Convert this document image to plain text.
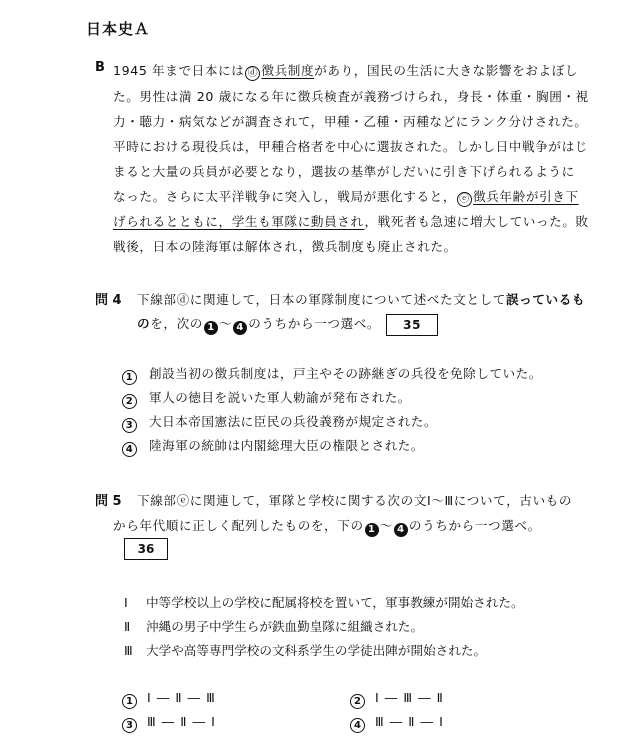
日本史Ａ
B 1945 年まで日本には ⓓ 徴兵制度があり，国民の生活に大きな影響をおよぼし
た。男性は満 20 歳になる年に徴兵検査が義務づけられ，身長・体重・胸囲・視
力・聴力・病気などが調査されて，甲種・乙種・丙種などにランク分けされた。
平時における現役兵は，甲種合格者を中心に選抜された。しかし日中戦争がはじ
まると大量の兵員が必要となり，選抜の基準がしだいに引き下げられるように
なった。さらに太平洋戦争に突入し，戦局が悪化すると， ⓔ 徴兵年齢が引き下
げられるとともに，学生も軍隊に動員され，戦死者も急速に増大していった。敗
戦後，日本の陸海軍は解体され，徴兵制度も廃止された。
問 4 下線部ⓓに関連して，日本の軍隊制度について述べた文として誤っているも
のを，次の 1 〜 4 のうちから一つ選べ。 35
1 創設当初の徴兵制度は，戸主やその跡継ぎの兵役を免除していた。
2 軍人の徳目を説いた軍人勅諭が発布された。
3 大日本帝国憲法に臣民の兵役義務が規定された。
4 陸海軍の統帥は内閣総理大臣の権限とされた。
問 5 下線部ⓔに関連して，軍隊と学校に関する次の文Ⅰ〜Ⅲについて，古いもの
から年代順に正しく配列したものを，下の 1 〜 4 のうちから一つ選べ。
36
Ⅰ 中等学校以上の学校に配属将校を置いて，軍事教練が開始された。
Ⅱ 沖縄の男子中学生らが鉄血勤皇隊に組織された。
Ⅲ 大学や高等専門学校の文科系学生の学徒出陣が開始された。
1 Ⅰ ― Ⅱ ― Ⅲ	2 Ⅰ ― Ⅲ ― Ⅱ
3 Ⅲ ― Ⅱ ― Ⅰ	4 Ⅲ ― Ⅱ ― Ⅰ
